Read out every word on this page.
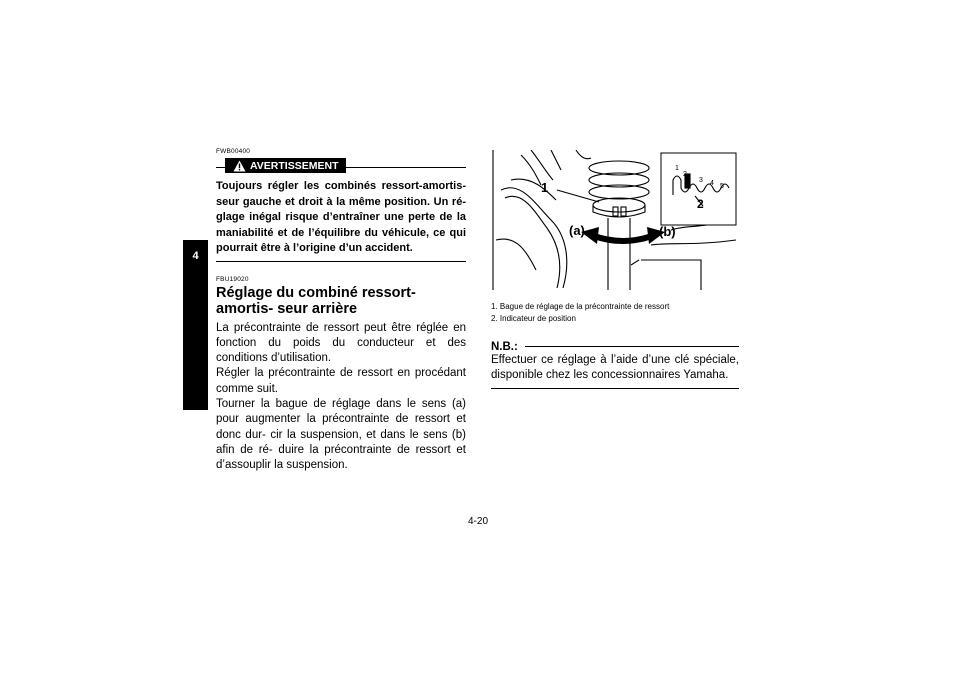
4

FWB00400

AVERTISSEMENT

Toujours régler les combinés ressort-amortis- seur gauche et droit à la même position. Un ré- glage inégal risque d’entraîner une perte de la maniabilité et de l’équilibre du véhicule, ce qui pourrait être à l’origine d’un accident.

FBU19020

Réglage du combiné ressort-amortis- seur arrière

La précontrainte de ressort peut être réglée en fonction du poids du conducteur et des conditions d’utilisation.

Régler la précontrainte de ressort en procédant comme suit.

Tourner la bague de réglage dans le sens (a) pour augmenter la précontrainte de ressort et donc dur- cir la suspension, et dans le sens (b) afin de ré- duire la précontrainte de ressort et d’assouplir la suspension.

1
2
3 4 5
1
2
(a)	(b)
1. Bague de réglage de la précontrainte de ressort
2. Indicateur de position
N.B.:

Effectuer ce réglage à l’aide d’une clé spéciale, disponible chez les concessionnaires Yamaha.

4-20
